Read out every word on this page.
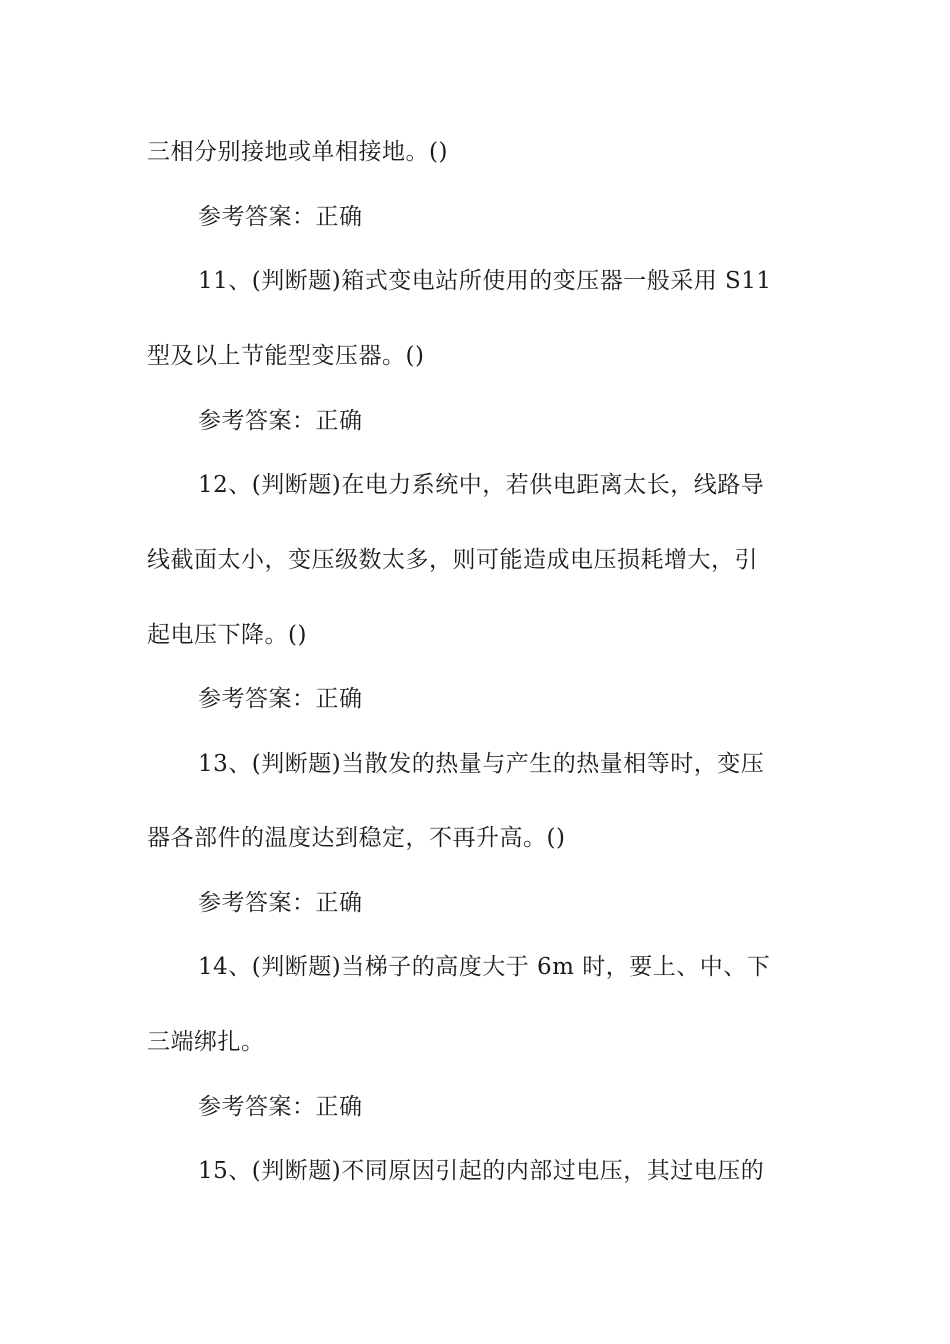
三相分别接地或单相接地。()
参考答案：正确
11、(判断题)箱式变电站所使用的变压器一般采用 S11
型及以上节能型变压器。()
参考答案：正确
12、(判断题)在电力系统中，若供电距离太长，线路导
线截面太小，变压级数太多，则可能造成电压损耗增大，引
起电压下降。()
参考答案：正确
13、(判断题)当散发的热量与产生的热量相等时，变压
器各部件的温度达到稳定，不再升高。()
参考答案：正确
14、(判断题)当梯子的高度大于 6m 时，要上、中、下
三端绑扎。
参考答案：正确
15、(判断题)不同原因引起的内部过电压，其过电压的
